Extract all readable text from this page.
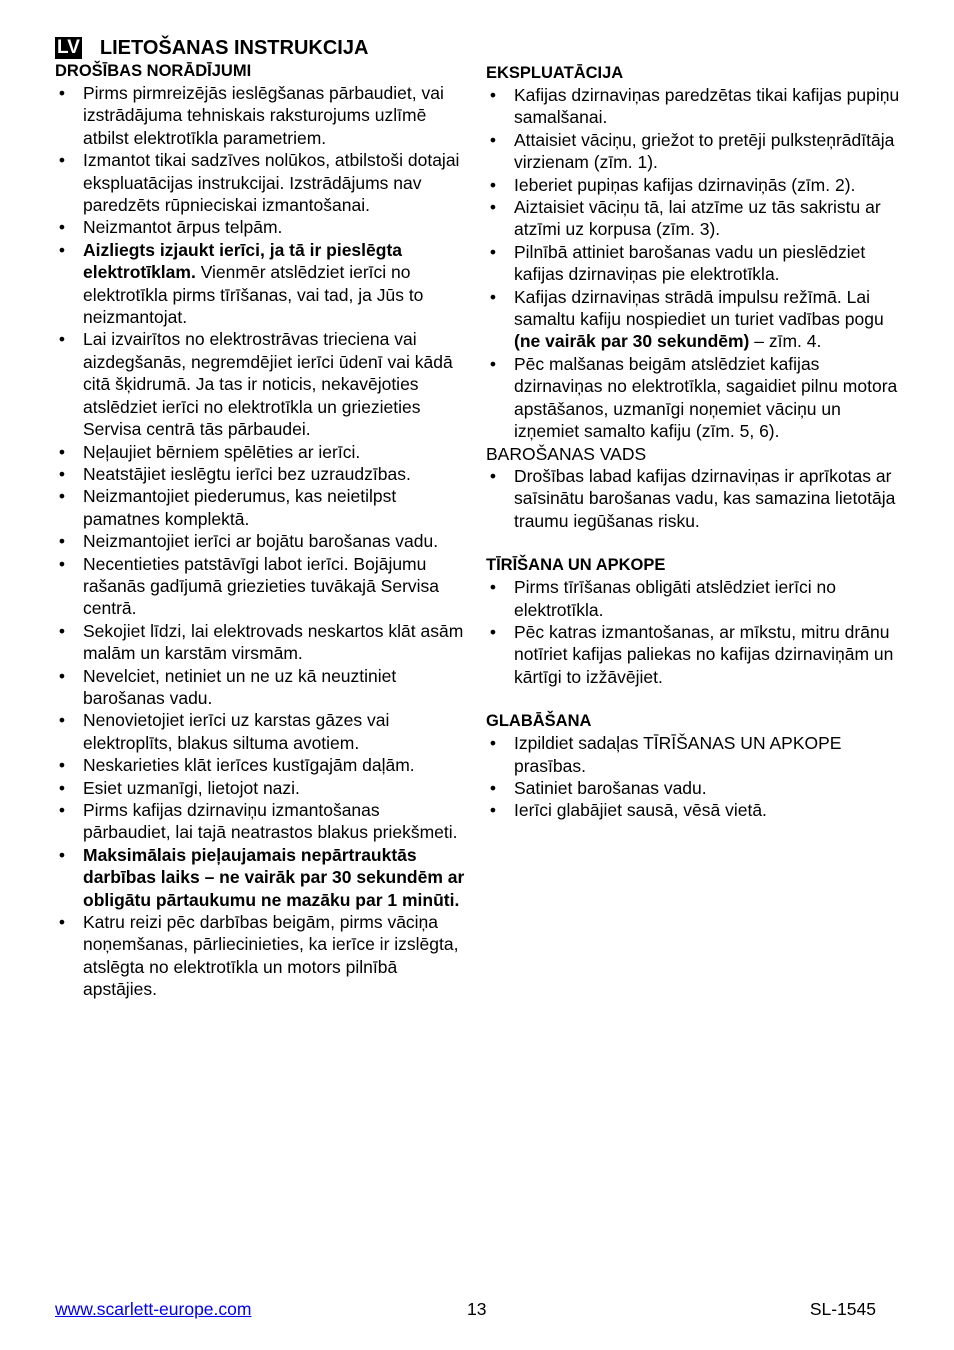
LV LIETOŠANAS INSTRUKCIJA

DROŠĪBAS NORĀDĪJUMI

• Pirms pirmreizējās ieslēgšanas pārbaudiet, vai izstrādājuma tehniskais raksturojums uzlīmē atbilst elektrotīkla parametriem.
• Izmantot tikai sadzīves nolūkos, atbilstoši dotajai ekspluatācijas instrukcijai. Izstrādājums nav paredzēts rūpnieciskai izmantošanai.
• Neizmantot ārpus telpām.
• Aizliegts izjaukt ierīci, ja tā ir pieslēgta elektrotīklam. Vienmēr atslēdziet ierīci no elektrotīkla pirms tīrīšanas, vai tad, ja Jūs to neizmantojat.
• Lai izvairītos no elektrostrāvas trieciena vai aizdegšanās, negremdējiet ierīci ūdenī vai kādā citā šķidrumā. Ja tas ir noticis, nekavējoties atslēdziet ierīci no elektrotīkla un griezieties Servisa centrā tās pārbaudei.
• Neļaujiet bērniem spēlēties ar ierīci.
• Neatstājiet ieslēgtu ierīci bez uzraudzības.
• Neizmantojiet piederumus, kas neietilpst pamatnes komplektā.
• Neizmantojiet ierīci ar bojātu barošanas vadu.
• Necentieties patstāvīgi labot ierīci. Bojājumu rašanās gadījumā griezieties tuvākajā Servisa centrā.
• Sekojiet līdzi, lai elektrovads neskartos klāt asām malām un karstām virsmām.
• Nevelciet, netiniet un ne uz kā neuztiniet barošanas vadu.
• Nenovietojiet ierīci uz karstas gāzes vai elektroplīts, blakus siltuma avotiem.
• Neskarieties klāt ierīces kustīgajām daļām.
• Esiet uzmanīgi, lietojot nazi.
• Pirms kafijas dzirnaviņu izmantošanas pārbaudiet, lai tajā neatrastos blakus priekšmeti.
• Maksimālais pieļaujamais nepārtrauktās darbības laiks – ne vairāk par 30 sekundēm ar obligātu pārtaukumu ne mazāku par 1 minūti.
• Katru reizi pēc darbības beigām, pirms vāciņa noņemšanas, pārliecinieties, ka ierīce ir izslēgta, atslēgta no elektrotīkla un motors pilnībā apstājies.

EKSPLUATĀCIJA

• Kafijas dzirnaviņas paredzētas tikai kafijas pupiņu samalšanai.
• Attaisiet vāciņu, griežot to pretēji pulksteņrādītāja virzienam (zīm. 1).
• Ieberiet pupiņas kafijas dzirnaviņās (zīm. 2).
• Aiztaisiet vāciņu tā, lai atzīme uz tās sakristu ar atzīmi uz korpusa (zīm. 3).
• Pilnībā attiniet barošanas vadu un pieslēdziet kafijas dzirnaviņas pie elektrotīkla.
• Kafijas dzirnaviņas strādā impulsu režīmā. Lai samaltu kafiju nospiediet un turiet vadības pogu (ne vairāk par 30 sekundēm) – zīm. 4.
• Pēc malšanas beigām atslēdziet kafijas dzirnaviņas no elektrotīkla, sagaidiet pilnu motora apstāšanos, uzmanīgi noņemiet vāciņu un izņemiet samalto kafiju (zīm. 5, 6).

BAROŠANAS VADS

• Drošības labad kafijas dzirnaviņas ir aprīkotas ar saīsinātu barošanas vadu, kas samazina lietotāja traumu iegūšanas risku.

TĪRĪŠANA UN APKOPE

• Pirms tīrīšanas obligāti atslēdziet ierīci no elektrotīkla.
• Pēc katras izmantošanas, ar mīkstu, mitru drānu notīriet kafijas paliekas no kafijas dzirnaviņām un kārtīgi to izžāvējiet.

GLABĀŠANA

• Izpildiet sadaļas TĪRĪŠANAS UN APKOPE prasības.
• Satiniet barošanas vadu.
• Ierīci glabājiet sausā, vēsā vietā.
www.scarlett-europe.com	13	SL-1545
